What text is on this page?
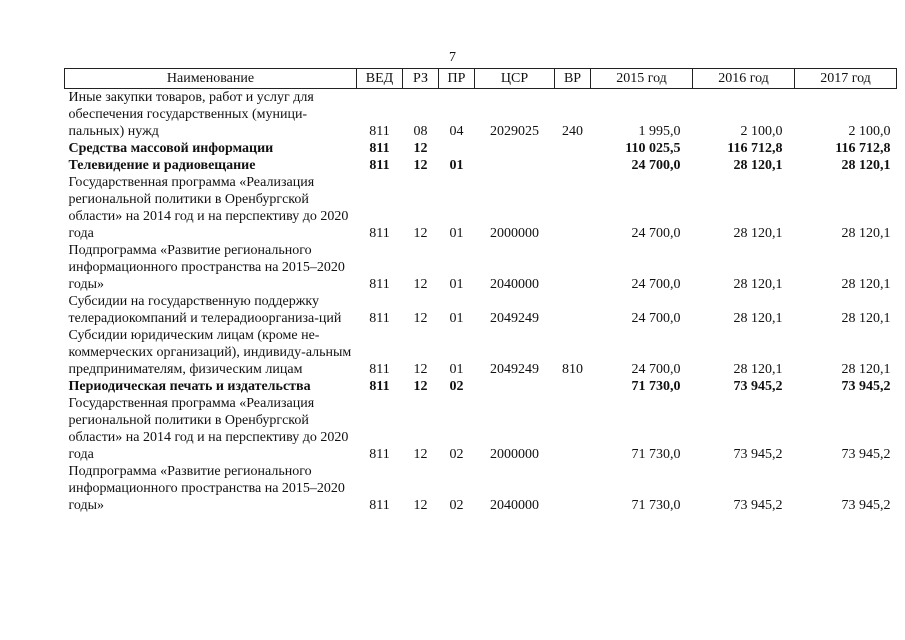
7
Наименование	ВЕД	РЗ	ПР	ЦСР	ВР	2015 год	2016 год	2017 год
Иные закупки товаров, работ и услуг для обеспечения государственных (муници-пальных) нужд	811	08	04	2029025	240	1 995,0	2 100,0	2 100,0
Средства массовой информации	811	12				110 025,5	116 712,8	116 712,8
Телевидение и радиовещание	811	12	01			24 700,0	28 120,1	28 120,1
Государственная программа «Реализация региональной политики в Оренбургской области» на 2014 год и на перспективу до 2020 года	811	12	01	2000000		24 700,0	28 120,1	28 120,1
Подпрограмма «Развитие регионального информационного пространства на 2015–2020 годы»	811	12	01	2040000		24 700,0	28 120,1	28 120,1
Субсидии на государственную поддержку телерадиокомпаний и телерадиоорганиза-ций	811	12	01	2049249		24 700,0	28 120,1	28 120,1
Субсидии юридическим лицам (кроме не-коммерческих организаций), индивиду-альным предпринимателям, физическим лицам	811	12	01	2049249	810	24 700,0	28 120,1	28 120,1
Периодическая печать и издательства	811	12	02			71 730,0	73 945,2	73 945,2
Государственная программа «Реализация региональной политики в Оренбургской области» на 2014 год и на перспективу до 2020 года	811	12	02	2000000		71 730,0	73 945,2	73 945,2
Подпрограмма «Развитие регионального информационного пространства на 2015–2020 годы»	811	12	02	2040000		71 730,0	73 945,2	73 945,2
